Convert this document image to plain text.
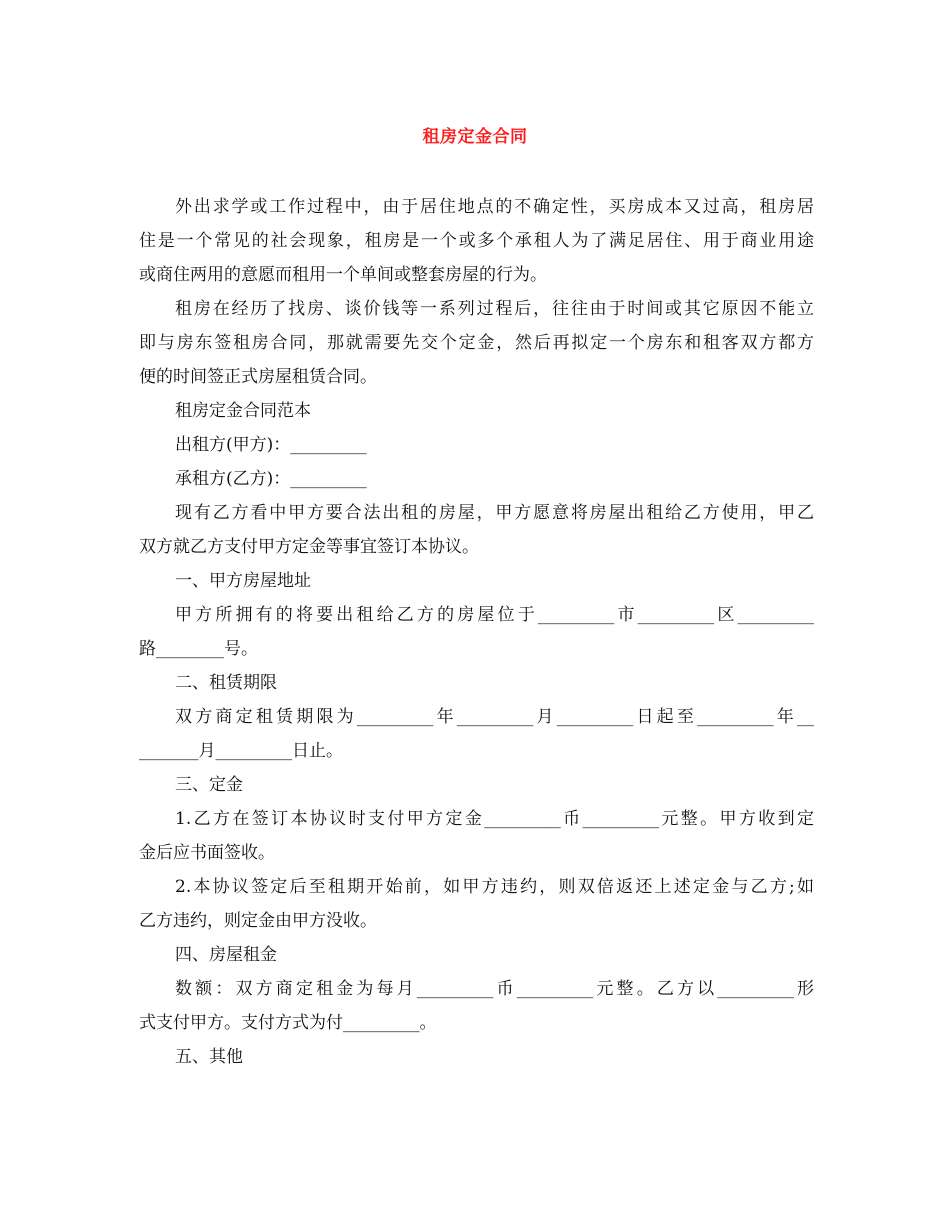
租房定金合同
外出求学或工作过程中，由于居住地点的不确定性，买房成本又过高，租房居
住是一个常见的社会现象，租房是一个或多个承租人为了满足居住、用于商业用途
或商住两用的意愿而租用一个单间或整套房屋的行为。
租房在经历了找房、谈价钱等一系列过程后，往往由于时间或其它原因不能立
即与房东签租房合同，那就需要先交个定金，然后再拟定一个房东和租客双方都方
便的时间签正式房屋租赁合同。
租房定金合同范本
出租方(甲方)：_________
承租方(乙方)：_________
现有乙方看中甲方要合法出租的房屋，甲方愿意将房屋出租给乙方使用，甲乙
双方就乙方支付甲方定金等事宜签订本协议。
一、甲方房屋地址
甲方所拥有的将要出租给乙方的房屋位于_________市_________区_________
路________号。
二、租赁期限
双方商定租赁期限为_________年_________月_________日起至_________年__
_______月_________日止。
三、定金
1.乙方在签订本协议时支付甲方定金_________币_________元整。甲方收到定
金后应书面签收。
2.本协议签定后至租期开始前，如甲方违约，则双倍返还上述定金与乙方;如
乙方违约，则定金由甲方没收。
四、房屋租金
数额：双方商定租金为每月_________币_________元整。乙方以_________形
式支付甲方。支付方式为付_________。
五、其他
